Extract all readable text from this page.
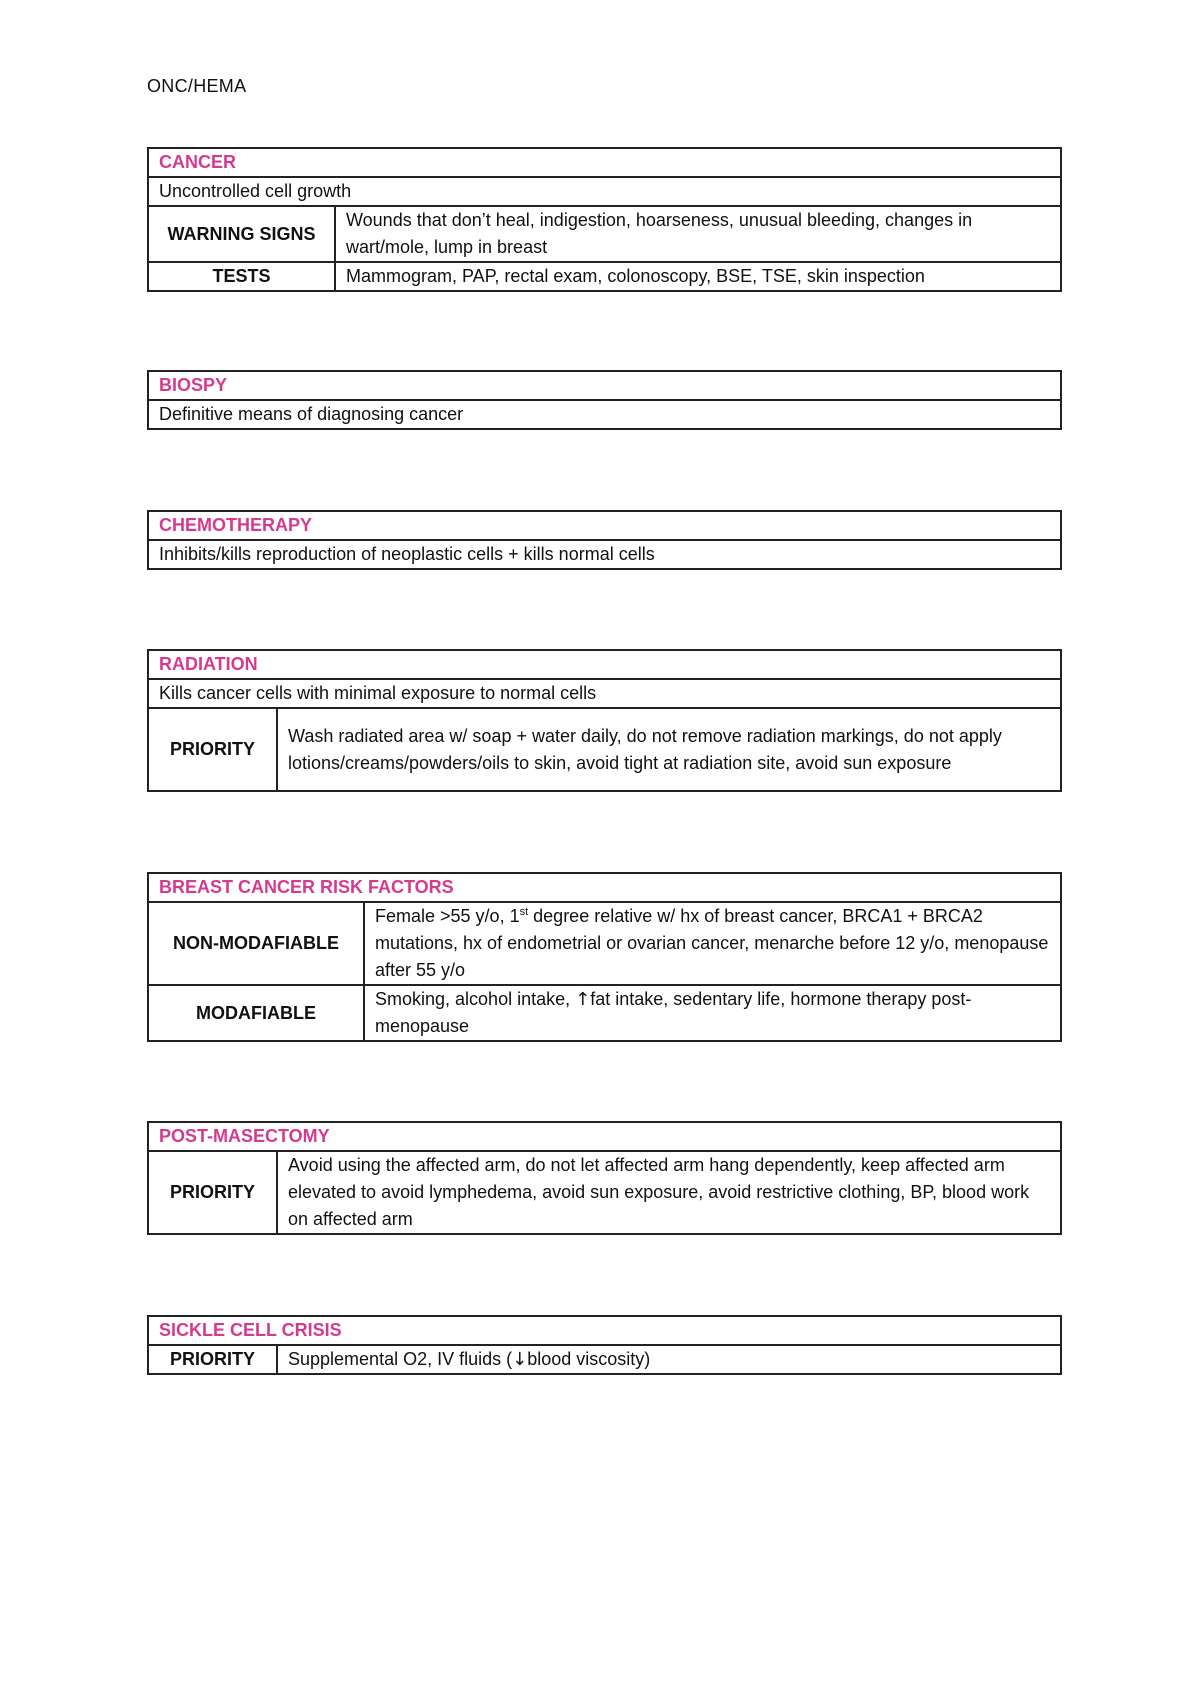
ONC/HEMA
CANCER	
Uncontrolled cell growth	
WARNING SIGNS	Wounds that don’t heal, indigestion, hoarseness, unusual bleeding, changes in wart/mole, lump in breast
TESTS	Mammogram, PAP, rectal exam, colonoscopy, BSE, TSE, skin inspection
BIOSPY
Definitive means of diagnosing cancer
CHEMOTHERAPY
Inhibits/kills reproduction of neoplastic cells + kills normal cells
RADIATION
Kills cancer cells with minimal exposure to normal cells
PRIORITY	Wash radiated area w/ soap + water daily, do not remove radiation markings, do not apply lotions/creams/powders/oils to skin, avoid tight at radiation site, avoid sun exposure
BREAST CANCER RISK FACTORS	
NON-MODAFIABLE	Female >55 y/o, 1st degree relative w/ hx of breast cancer, BRCA1 + BRCA2 mutations, hx of endometrial or ovarian cancer, menarche before 12 y/o, menopause after 55 y/o
MODAFIABLE	Smoking, alcohol intake, ↑fat intake, sedentary life, hormone therapy post-menopause
POST-MASECTOMY
PRIORITY	Avoid using the affected arm, do not let affected arm hang dependently, keep affected arm elevated to avoid lymphedema, avoid sun exposure, avoid restrictive clothing, BP, blood work on affected arm
SICKLE CELL CRISIS
PRIORITY	Supplemental O2, IV fluids (↓blood viscosity)
